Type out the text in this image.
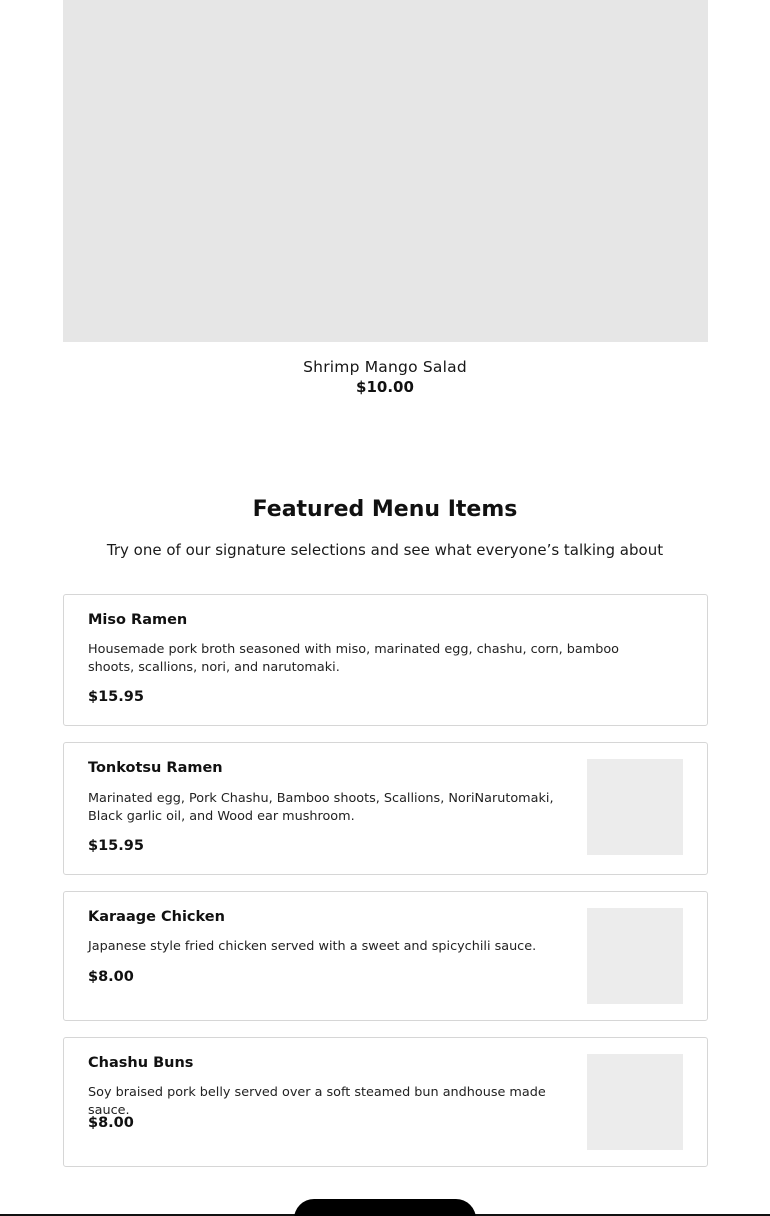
Shrimp Mango Salad
$10.00
Featured Menu Items
Try one of our signature selections and see what everyone’s talking about
Miso Ramen
Housemade pork broth seasoned with miso, marinated egg, chashu, corn, bamboo shoots, scallions, nori, and narutomaki.
$15.95
Tonkotsu Ramen
Marinated egg, Pork Chashu, Bamboo shoots, Scallions, NoriNarutomaki, Black garlic oil, and Wood ear mushroom.
$15.95
Karaage Chicken
Japanese style fried chicken served with a sweet and spicychili sauce.
$8.00
Chashu Buns
Soy braised pork belly served over a soft steamed bun andhouse made sauce.
$8.00
